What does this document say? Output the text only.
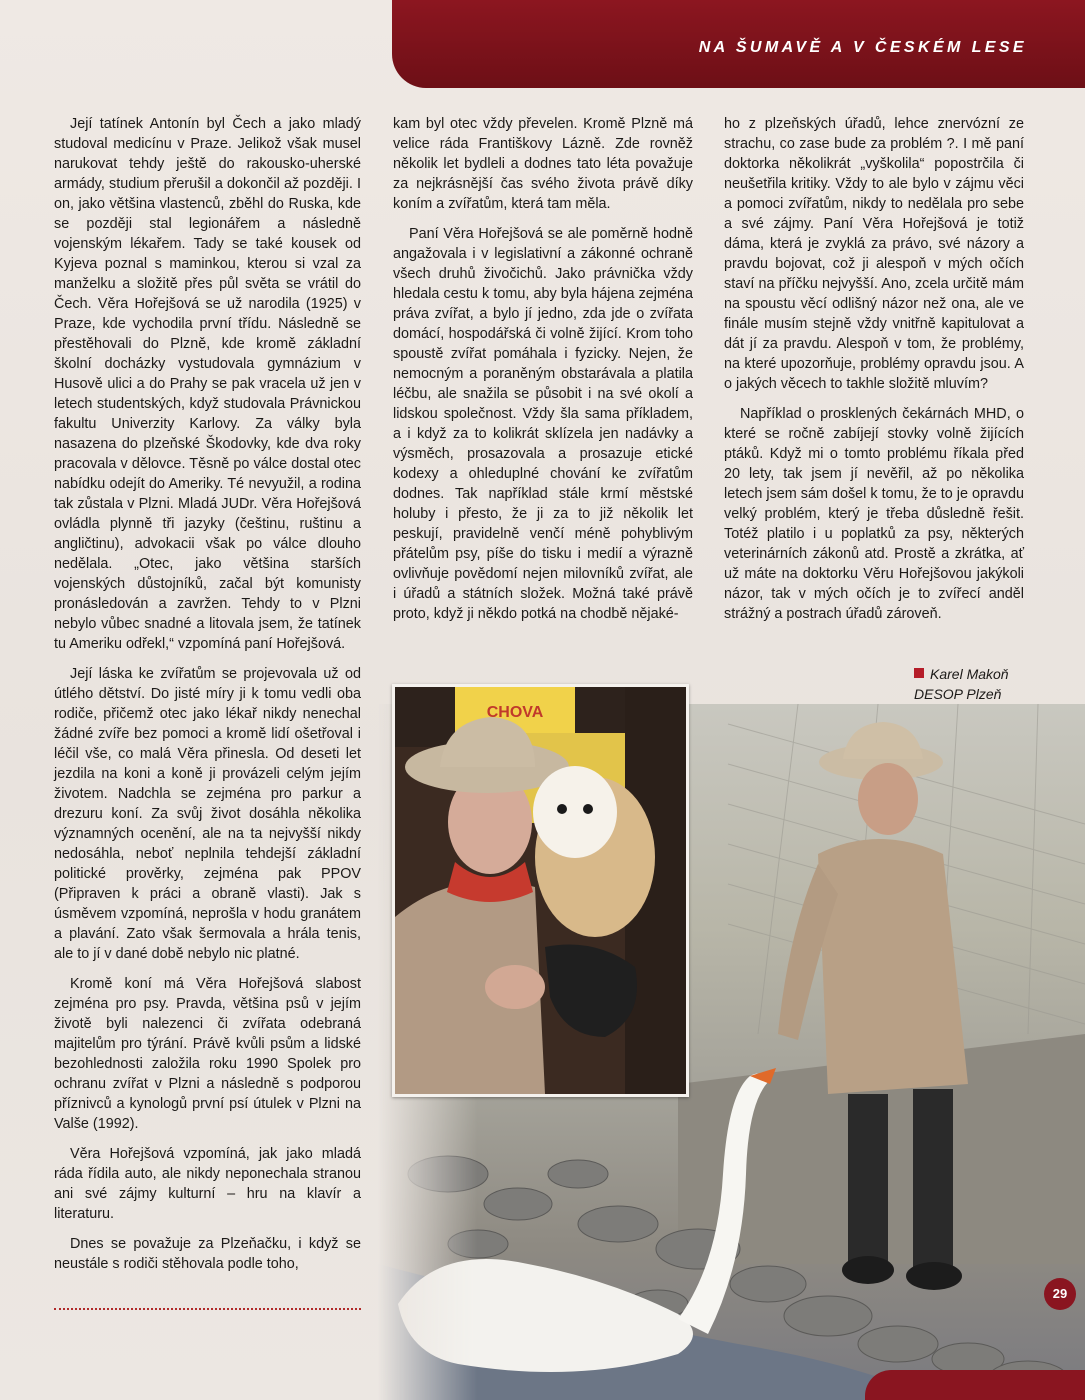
NA ŠUMAVĚ A V ČESKÉM LESE

Její tatínek Antonín byl Čech a jako mladý studoval medicínu v Praze. Jelikož však musel narukovat tehdy ještě do rakousko-uherské armády, studium přerušil a dokončil až později. I on, jako většina vlastenců, zběhl do Ruska, kde se později stal legionářem a následně vojenským lékařem. Tady se také kousek od Kyjeva poznal s maminkou, kterou si vzal za manželku a složitě přes půl světa se vrátil do Čech. Věra Hořejšová se už narodila (1925) v Praze, kde vychodila první třídu. Následně se přestěhovali do Plzně, kde kromě základní školní docházky vystudovala gymnázium v Husově ulici a do Prahy se pak vracela už jen v letech studentských, když studovala Právnickou fakultu Univerzity Karlovy. Za války byla nasazena do plzeňské Škodovky, kde dva roky pracovala v dělovce. Těsně po válce dostal otec nabídku odejít do Ameriky. Té nevyužil, a rodina tak zůstala v Plzni. Mladá JUDr. Věra Hořejšová ovládla plynně tři jazyky (češtinu, ruštinu a angličtinu), advokacii však po válce dlouho nedělala. „Otec, jako většina starších vojenských důstojníků, začal být komunisty pronásledován a zavržen. Tehdy to v Plzni nebylo vůbec snadné a litovala jsem, že tatínek tu Ameriku odřekl,“ vzpomíná paní Hořejšová.

Její láska ke zvířatům se projevovala už od útlého dětství. Do jisté míry ji k tomu vedli oba rodiče, přičemž otec jako lékař nikdy nenechal žádné zvíře bez pomoci a kromě lidí ošetřoval i léčil vše, co malá Věra přinesla. Od deseti let jezdila na koni a koně ji provázeli celým jejím životem. Nadchla se zejména pro parkur a drezuru koní. Za svůj život dosáhla několika významných ocenění, ale na ta nejvyšší nikdy nedosáhla, neboť neplnila tehdejší základní politické prověrky, zejména pak PPOV (Připraven k práci a obraně vlasti). Jak s úsměvem vzpomíná, neprošla v hodu granátem a plavání. Zato však šermovala a hrála tenis, ale to jí v dané době nebylo nic platné.

Kromě koní má Věra Hořejšová slabost zejména pro psy. Pravda, většina psů v jejím životě byli nalezenci či zvířata odebraná majitelům pro týrání. Právě kvůli psům a lidské bezohlednosti založila roku 1990 Spolek pro ochranu zvířat v Plzni a následně s podporou příznivců a kynologů první psí útulek v Plzni na Valše (1992).

Věra Hořejšová vzpomíná, jak jako mladá ráda řídila auto, ale nikdy neponechala stranou ani své zájmy kulturní – hru na klavír a literaturu.

Dnes se považuje za Plzeňačku, i když se neustále s rodiči stěhovala podle toho,

kam byl otec vždy převelen. Kromě Plzně má velice ráda Františkovy Lázně. Zde rovněž několik let bydleli a dodnes tato léta považuje za nejkrásnější čas svého života právě díky koním a zvířatům, která tam měla.

Paní Věra Hořejšová se ale poměrně hodně angažovala i v legislativní a zákonné ochraně všech druhů živočichů. Jako právnička vždy hledala cestu k tomu, aby byla hájena zejména práva zvířat, a bylo jí jedno, zda jde o zvířata domácí, hospodářská či volně žijící. Krom toho spoustě zvířat pomáhala i fyzicky. Nejen, že nemocným a poraněným obstarávala a platila léčbu, ale snažila se působit i na své okolí a lidskou společnost. Vždy šla sama příkladem, a i když za to kolikrát sklízela jen nadávky a výsměch, prosazovala a prosazuje etické kodexy a ohleduplné chování ke zvířatům dodnes. Tak například stále krmí městské holuby i přesto, že ji za to již několik let peskují, pravidelně venčí méně pohyblivým přátelům psy, píše do tisku i medií a výrazně ovlivňuje povědomí nejen milovníků zvířat, ale i úřadů a státních složek. Možná také právě proto, když ji někdo potká na chodbě nějaké-

ho z plzeňských úřadů, lehce znervózní ze strachu, co zase bude za problém ?. I mě paní doktorka několikrát „vyškolila“ popostrčila či neušetřila kritiky. Vždy to ale bylo v zájmu věci a pomoci zvířatům, nikdy to nedělala pro sebe a své zájmy. Paní Věra Hořejšová je totiž dáma, která je zvyklá za právo, své názory a pravdu bojovat, což ji alespoň v mých očích staví na příčku nejvyšší. Ano, zcela určitě mám na spoustu věcí odlišný názor než ona, ale ve finále musím stejně vždy vnitřně kapitulovat a dát jí za pravdu. Alespoň v tom, že problémy, na které upozorňuje, problémy opravdu jsou. A o jakých věcech to takhle složitě mluvím?

Například o prosklených čekárnách MHD, o které se ročně zabíjejí stovky volně žijících ptáků. Když mi o tomto problému říkala před 20 lety, tak jsem jí nevěřil, až po několika letech jsem sám došel k tomu, že to je opravdu velký problém, který je třeba důsledně řešit. Totéž platilo i u poplatků za psy, některých veterinárních zákonů atd. Prostě a zkrátka, ať už máte na doktorku Věru Hořejšovou jakýkoli názor, tak v mých očích je to zvířecí anděl strážný a postrach úřadů zároveň.

Karel Makoň
DESOP Plzeň
CHOVA
29
